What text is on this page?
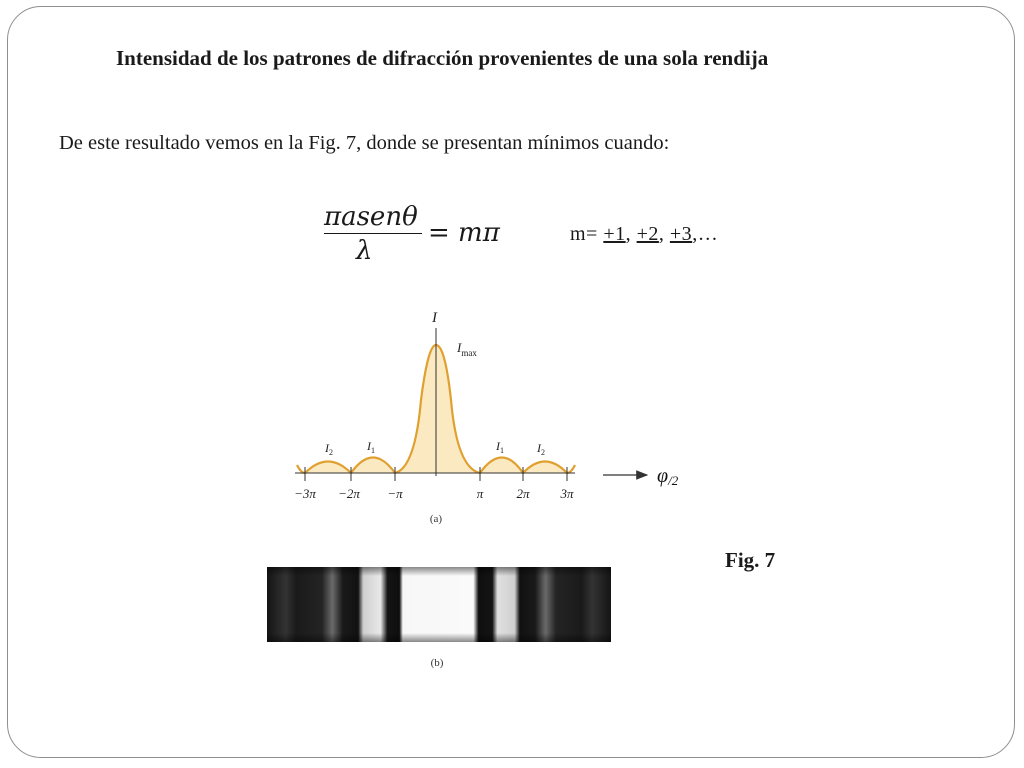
Intensidad de los patrones de difracción provenientes de una sola rendija
De este resultado vemos en la Fig. 7, donde se presentan mínimos cuando:
πasenθ
λ
= mπ	m= +1, +2, +3,…
−3π −2π −π	π	2π 3π
I
$I_{max}$
$I_2$	$I_1$	$I_1$	$I_2$
φ/2
(a)
(b)
Fig. 7
